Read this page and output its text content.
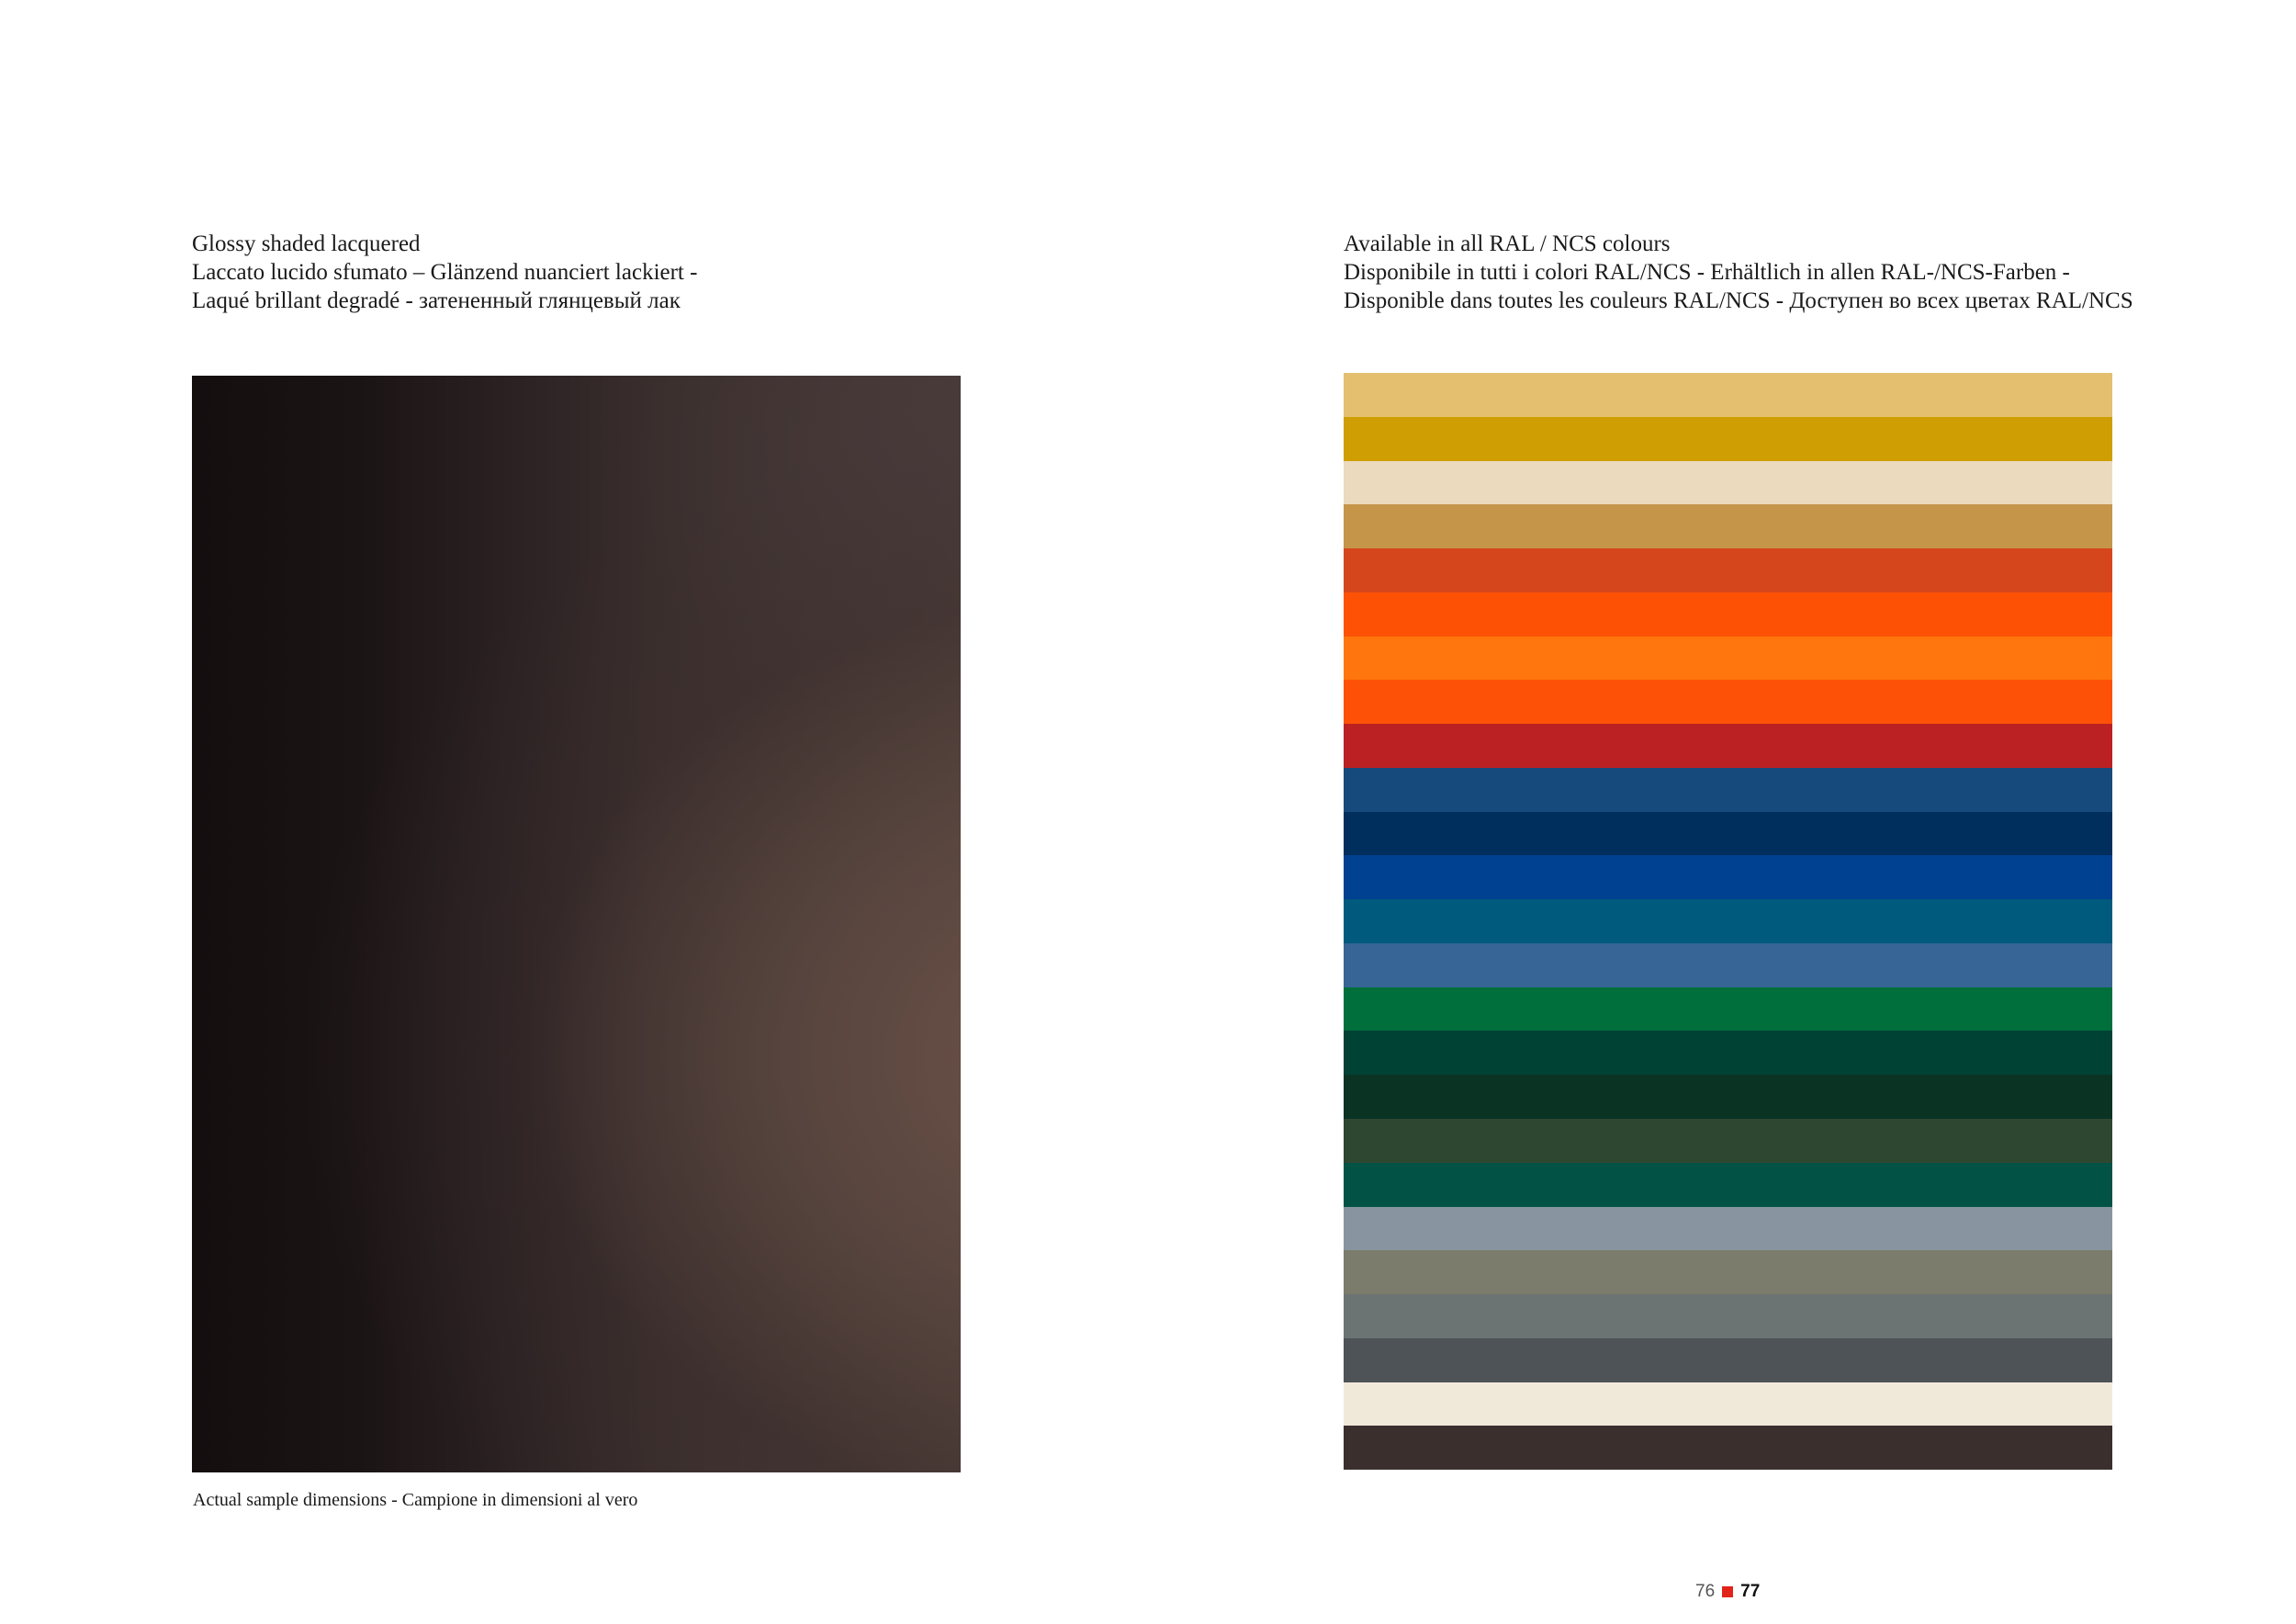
Glossy shaded lacquered
Laccato lucido sfumato – Glänzend nuanciert lackiert -
Laqué brillant degradé - затененный глянцевый лак
Actual sample dimensions - Campione in dimensioni al vero
Available in all RAL / NCS colours
Disponibile in tutti i colori RAL/NCS - Erhältlich in allen RAL-/NCS-Farben -
Disponible dans toutes les couleurs RAL/NCS - Доступен во всех цветах RAL/NCS
76 77
